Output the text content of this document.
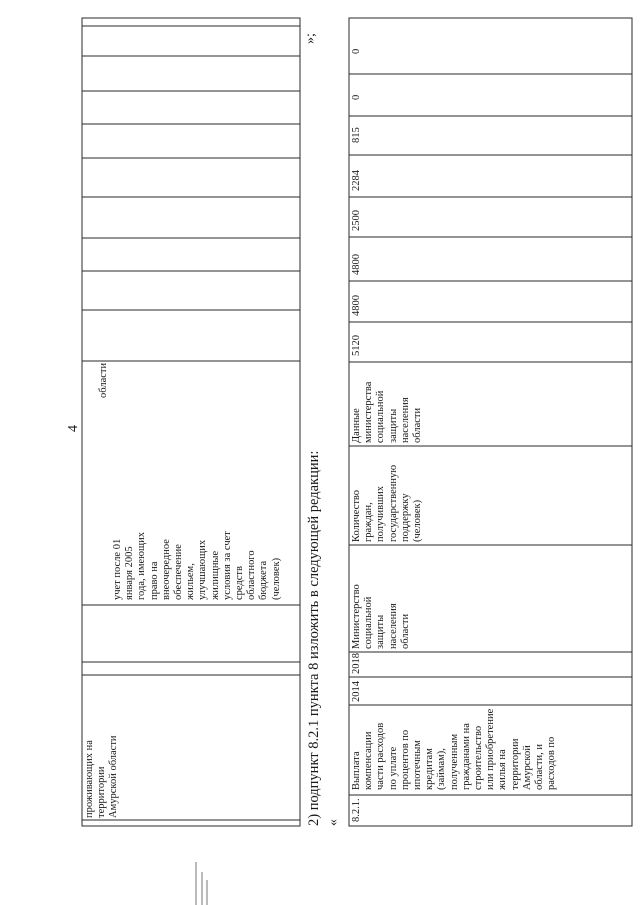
4
проживающих на
территории
Амурской области
учет после 01
января 2005
года, имеющих
право на
внеочередное
обеспечение
жильем,
улучшающих
жилищные
условия за счет
средств
областного
бюджета
(человек)
области
»;
2) подпункт 8.2.1 пункта 8 изложить в следующей редакции: «
8.2.1.
Выплата
компенсации
части расходов
по уплате
процентов по
ипотечным
кредитам
(займам),
полученным
гражданами на
строительство
или приобретение
жилья на
территории
Амурской
области, и
расходов по
2014
2018
Министерство
социальной
защиты
населения
области
Количество
граждан,
получивших
государственную
поддержку
(человек)
Данные
министерства
социальной
защиты
населения
области
5120
4800
4800
2500
2284
815
0
0
